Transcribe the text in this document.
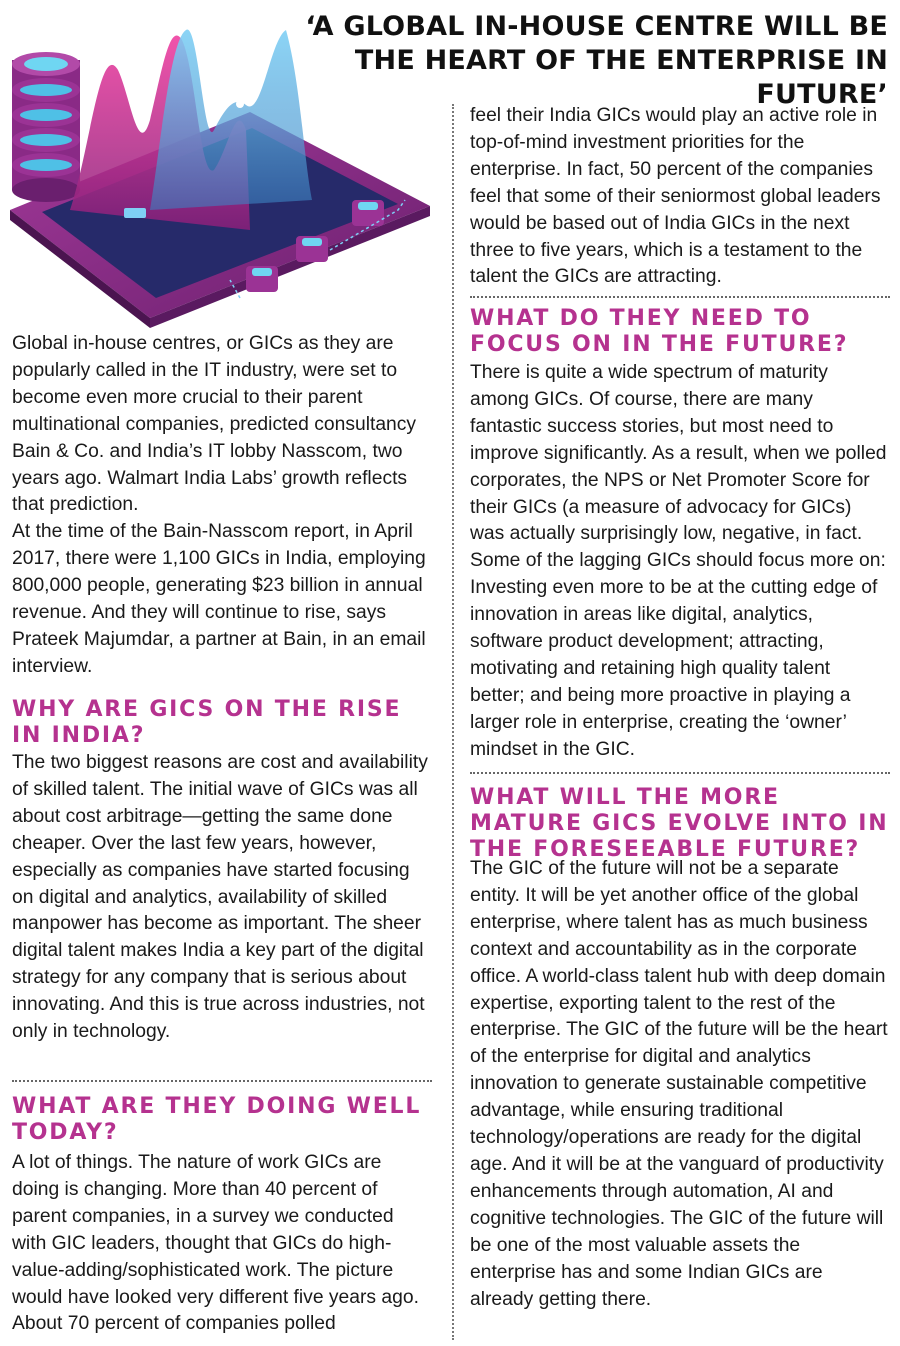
‘A GLOBAL IN-HOUSE CENTRE WILL BE THE HEART OF THE ENTERPRISE IN FUTURE’

Global in-house centres, or GICs as they are popularly called in the IT industry, were set to become even more crucial to their parent multinational companies, predicted consultancy Bain & Co. and India’s IT lobby Nasscom, two years ago. Walmart India Labs’ growth reflects that prediction.

At the time of the Bain-Nasscom report, in April 2017, there were 1,100 GICs in India, employing 800,000 people, generating $23 billion in annual revenue. And they will continue to rise, says Prateek Majumdar, a partner at Bain, in an email interview.

WHY ARE GICS ON THE RISE IN INDIA?

The two biggest reasons are cost and availability of skilled talent. The initial wave of GICs was all about cost arbitrage—getting the same done cheaper. Over the last few years, however, especially as companies have started focusing on digital and analytics, availability of skilled manpower has become as important. The sheer digital talent makes India a key part of the digital strategy for any company that is serious about innovating. And this is true across industries, not only in technology.

WHAT ARE THEY DOING WELL TODAY?

A lot of things. The nature of work GICs are doing is changing. More than 40 percent of parent companies, in a survey we conducted with GIC leaders, thought that GICs do high-value-adding/sophisticated work. The picture would have looked very different five years ago. About 70 percent of companies polled

feel their India GICs would play an active role in top-of-mind investment priorities for the enterprise. In fact, 50 percent of the companies feel that some of their seniormost global leaders would be based out of India GICs in the next three to five years, which is a testament to the talent the GICs are attracting.

WHAT DO THEY NEED TO FOCUS ON IN THE FUTURE?

There is quite a wide spectrum of maturity among GICs. Of course, there are many fantastic success stories, but most need to improve significantly. As a result, when we polled corporates, the NPS or Net Promoter Score for their GICs (a measure of advocacy for GICs) was actually surprisingly low, negative, in fact. Some of the lagging GICs should focus more on: Investing even more to be at the cutting edge of innovation in areas like digital, analytics, software product development; attracting, motivating and retaining high quality talent better; and being more proactive in playing a larger role in enterprise, creating the ‘owner’ mindset in the GIC.

WHAT WILL THE MORE MATURE GICS EVOLVE INTO IN THE FORESEEABLE FUTURE?

The GIC of the future will not be a separate entity. It will be yet another office of the global enterprise, where talent has as much business context and accountability as in the corporate office. A world-class talent hub with deep domain expertise, exporting talent to the rest of the enterprise. The GIC of the future will be the heart of the enterprise for digital and analytics innovation to generate sustainable competitive advantage, while ensuring traditional technology/operations are ready for the digital age. And it will be at the vanguard of productivity enhancements through automation, AI and cognitive technologies. The GIC of the future will be one of the most valuable assets the enterprise has and some Indian GICs are already getting there.
